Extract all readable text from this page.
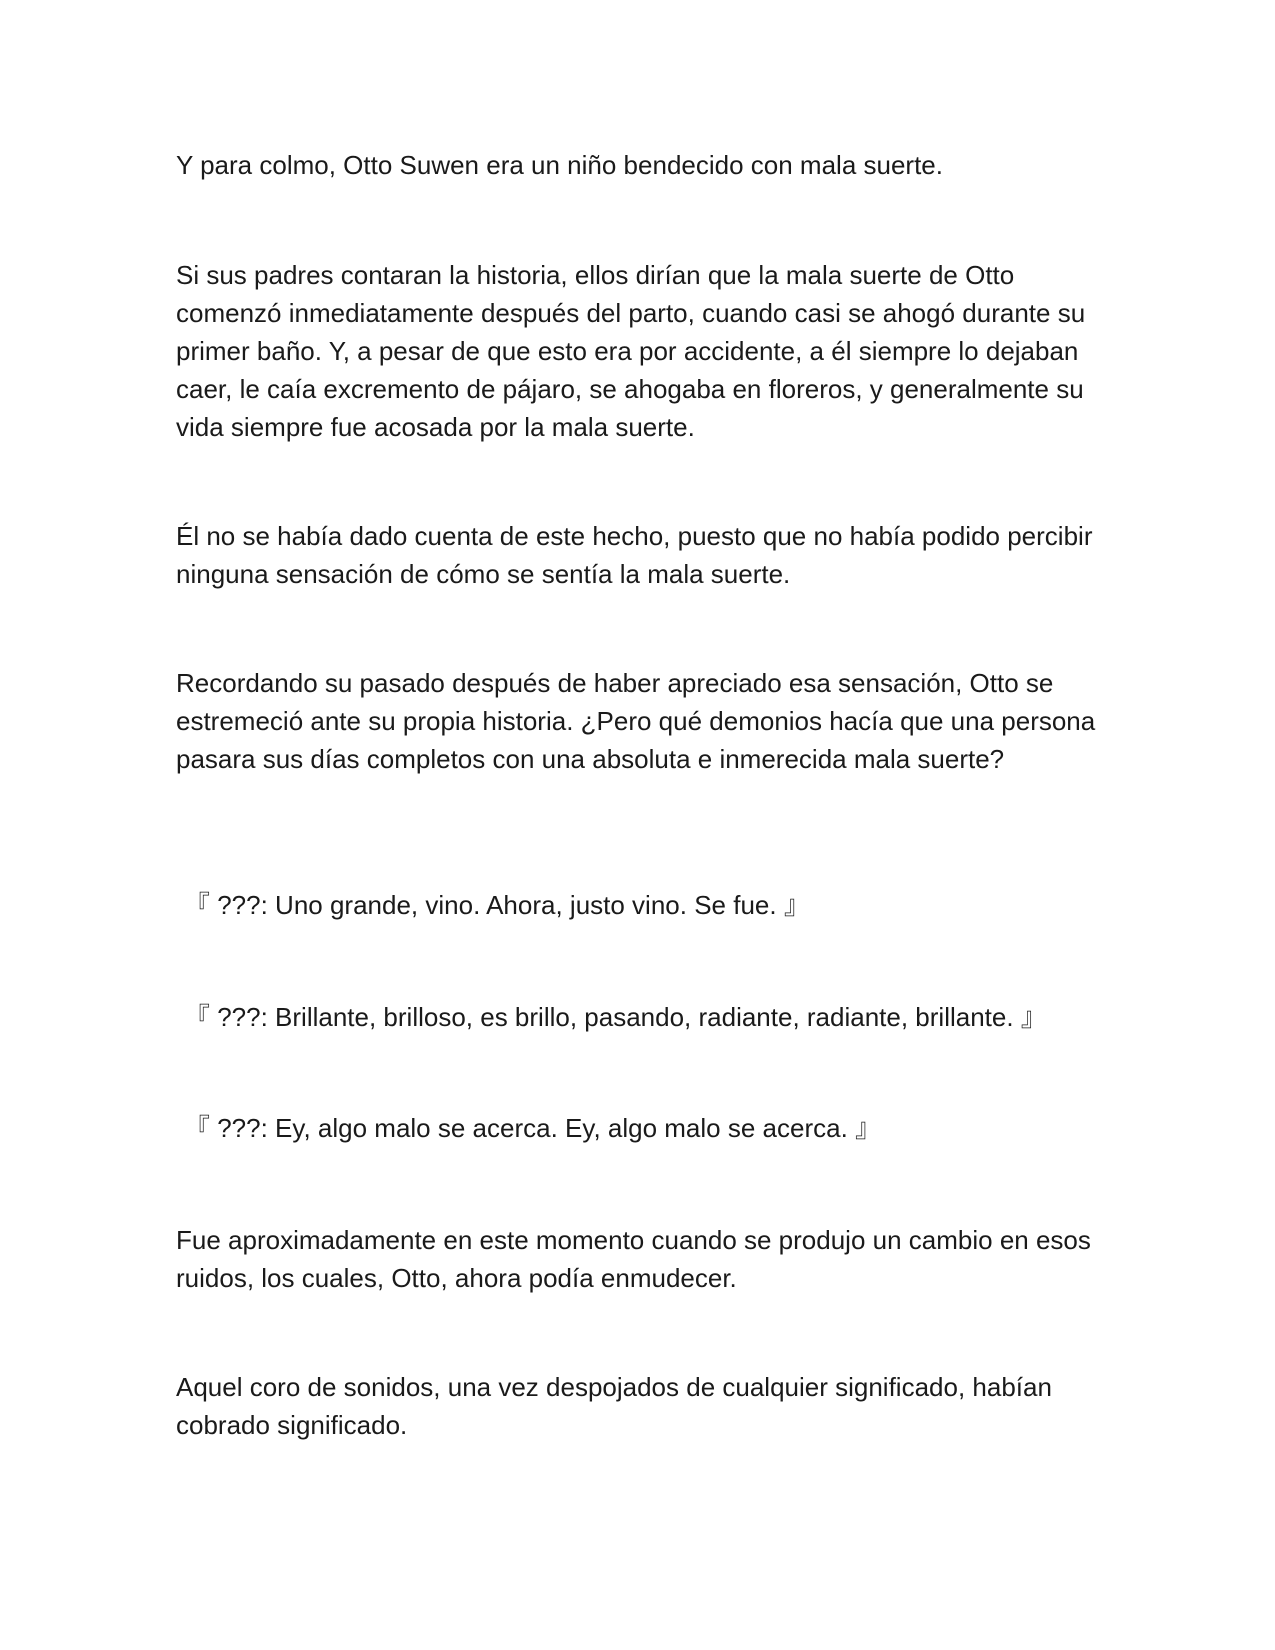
Y para colmo, Otto Suwen era un niño bendecido con mala suerte.

Si sus padres contaran la historia, ellos dirían que la mala suerte de Otto comenzó inmediatamente después del parto, cuando casi se ahogó durante su primer baño. Y, a pesar de que esto era por accidente, a él siempre lo dejaban caer, le caía excremento de pájaro, se ahogaba en floreros, y generalmente su vida siempre fue acosada por la mala suerte.

Él no se había dado cuenta de este hecho, puesto que no había podido percibir ninguna sensación de cómo se sentía la mala suerte.

Recordando su pasado después de haber apreciado esa sensación, Otto se estremeció ante su propia historia. ¿Pero qué demonios hacía que una persona pasara sus días completos con una absoluta e inmerecida mala suerte?

『 ???: Uno grande, vino. Ahora, justo vino. Se fue. 』

『 ???: Brillante, brilloso, es brillo, pasando, radiante, radiante, brillante. 』

『 ???: Ey, algo malo se acerca. Ey, algo malo se acerca. 』

Fue aproximadamente en este momento cuando se produjo un cambio en esos ruidos, los cuales, Otto, ahora podía enmudecer.

Aquel coro de sonidos, una vez despojados de cualquier significado, habían cobrado significado.
